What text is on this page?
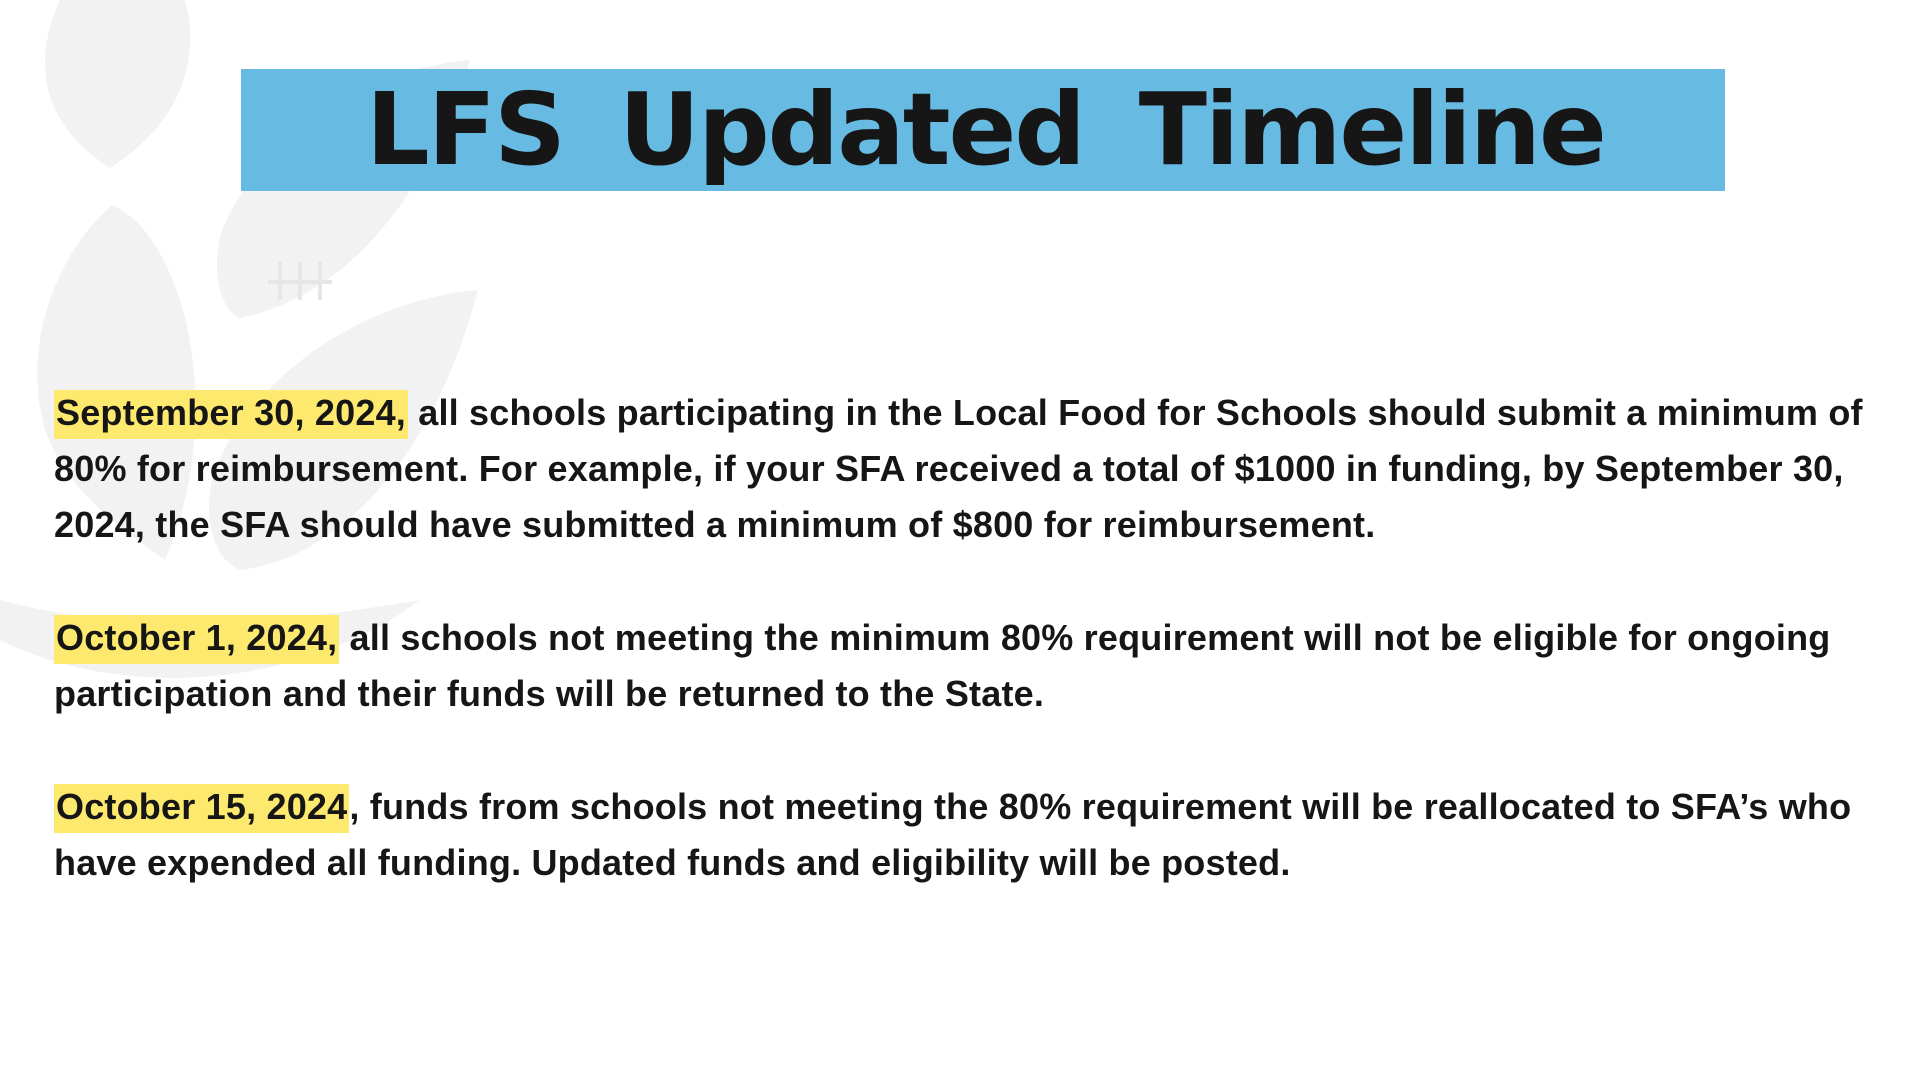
LFS Updated Timeline

September 30, 2024, all schools participating in the Local Food for Schools should submit a minimum of 80% for reimbursement. For example, if your SFA received a total of $1000 in funding, by September 30, 2024, the SFA should have submitted a minimum of $800 for reimbursement.

October 1, 2024, all schools not meeting the minimum 80% requirement will not be eligible for ongoing participation and their funds will be returned to the State.

October 15, 2024, funds from schools not meeting the 80% requirement will be reallocated to SFA’s who have expended all funding. Updated funds and eligibility will be posted.
